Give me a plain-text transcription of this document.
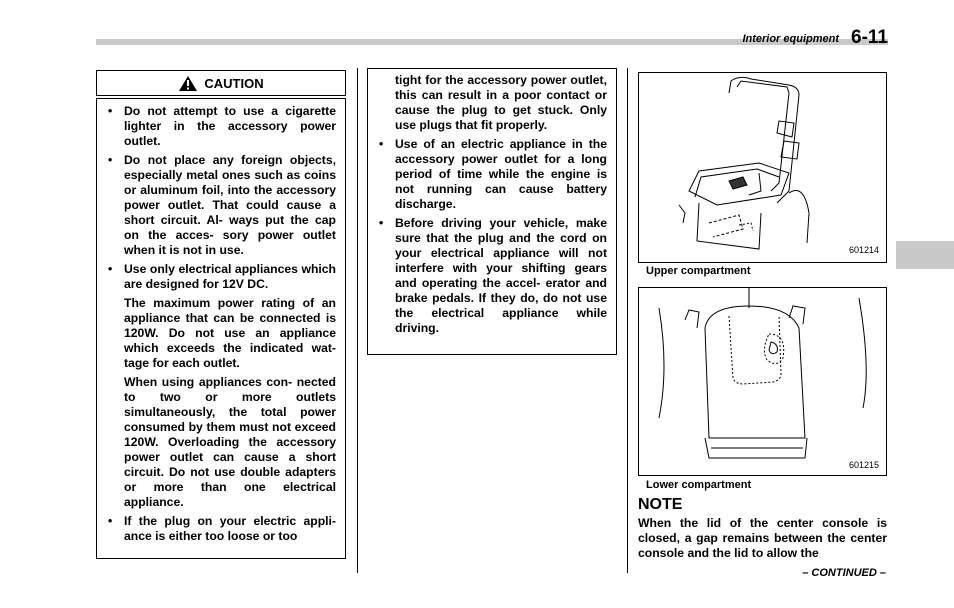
Interior equipment 6-11
CAUTION
• Do not attempt to use a cigarette lighter in the accessory power outlet.
• Do not place any foreign objects, especially metal ones such as coins or aluminum foil, into the accessory power outlet. That could cause a short circuit. Al- ways put the cap on the acces- sory power outlet when it is not in use.
• Use only electrical appliances which are designed for 12V DC.
The maximum power rating of an appliance that can be connected is 120W. Do not use an appliance which exceeds the indicated wat- tage for each outlet.
When using appliances con- nected to two or more outlets simultaneously, the total power consumed by them must not exceed 120W. Overloading the accessory power outlet can cause a short circuit. Do not use double adapters or more than one electrical appliance.
• If the plug on your electric appli- ance is either too loose or too
tight for the accessory power outlet, this can result in a poor contact or cause the plug to get stuck. Only use plugs that fit properly.
• Use of an electric appliance in the accessory power outlet for a long period of time while the engine is not running can cause battery discharge.
• Before driving your vehicle, make sure that the plug and the cord on your electrical appliance will not interfere with your shifting gears and operating the accel- erator and brake pedals. If they do, do not use the electrical appliance while driving.
601214
Upper compartment
601215
Lower compartment
NOTE
When the lid of the center console is closed, a gap remains between the center console and the lid to allow the
– CONTINUED –
